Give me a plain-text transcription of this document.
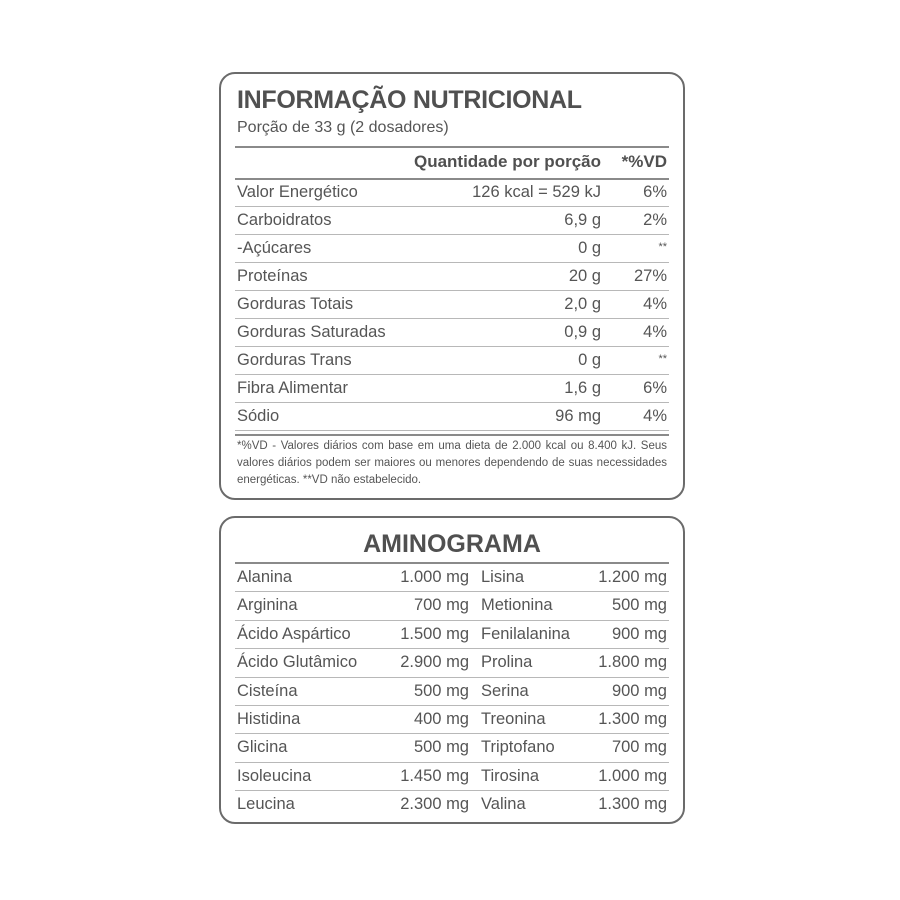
INFORMAÇÃO NUTRICIONAL
Porção de 33 g (2 dosadores)
Quantidade por porção *%VD
Valor Energético	126 kcal = 529 kJ	6%
Carboidratos	6,9 g	2%
-Açúcares	0 g	**
Proteínas	20 g 27%
Gorduras Totais	2,0 g	4%
Gorduras Saturadas	0,9 g	4%
Gorduras Trans	0 g	**
Fibra Alimentar	1,6 g	6%
Sódio	96 mg	4%
*%VD - Valores diários com base em uma dieta de 2.000 kcal ou 8.400 kJ. Seus valores diários podem ser maiores ou menores dependendo de suas necessidades energéticas. **VD não estabelecido.
AMINOGRAMA
Alanina	1.000 mg Lisina	1.200 mg
Arginina	700 mg Metionina	500 mg
Ácido Aspártico	1.500 mg Fenilalanina	900 mg
Ácido Glutâmico	2.900 mg Prolina	1.800 mg
Cisteína	500 mg Serina	900 mg
Histidina	400 mg Treonina	1.300 mg
Glicina	500 mg Triptofano	700 mg
Isoleucina	1.450 mg Tirosina	1.000 mg
Leucina	2.300 mg Valina	1.300 mg
